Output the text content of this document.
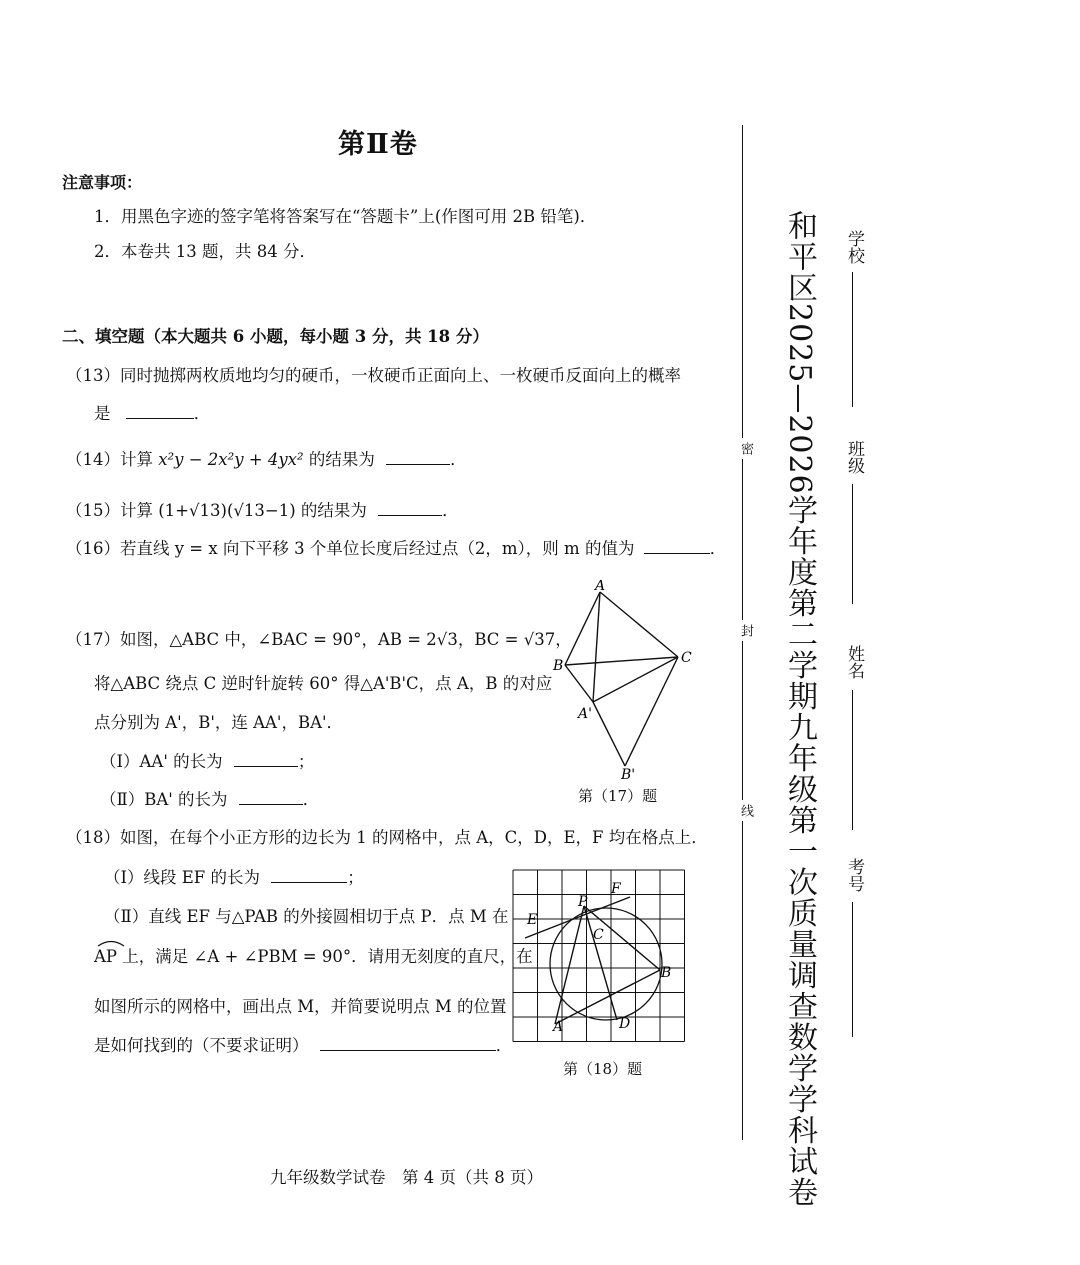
第Ⅱ卷
注意事项：
1．用黑色字迹的签字笔将答案写在“答题卡”上(作图可用 2B 铅笔)．
2．本卷共 13 题，共 84 分．
二、填空题（本大题共 6 小题，每小题 3 分，共 18 分）
（13）同时抛掷两枚质地均匀的硬币，一枚硬币正面向上、一枚硬币反面向上的概率
是	．
（14）计算 x²y − 2x²y + 4yx² 的结果为	．
（15）计算 (1+√13)(√13−1) 的结果为	．
（16）若直线 y = x 向下平移 3 个单位长度后经过点（2，m），则 m 的值为	．
（17）如图，△ABC 中，∠BAC = 90°，AB = 2√3，BC = √37，
将△ABC 绕点 C 逆时针旋转 60° 得△A'B'C，点 A，B 的对应
点分别为 A'，B'，连 AA'，BA'．
（Ⅰ）AA' 的长为	；
（Ⅱ）BA' 的长为	．
A
B	C
A'
B'
第（17）题
（18）如图，在每个小正方形的边长为 1 的网格中，点 A，C，D，E，F 均在格点上．
（Ⅰ）线段 EF 的长为	；
（Ⅱ）直线 EF 与△PAB 的外接圆相切于点 P．点 M 在
AP 上，满足 ∠A + ∠PBM = 90°．请用无刻度的直尺，在
如图所示的网格中，画出点 M，并简要说明点 M 的位置
是如何找到的（不要求证明）	．
P
F
E
C
B
A	D
第（18）题
九年级数学试卷　第 4 页（共 8 页）
密
封
线 和平区2025—2026学年度第二学期九年级第一次质量调查数学学科试卷 学校
班级
姓名
考号
